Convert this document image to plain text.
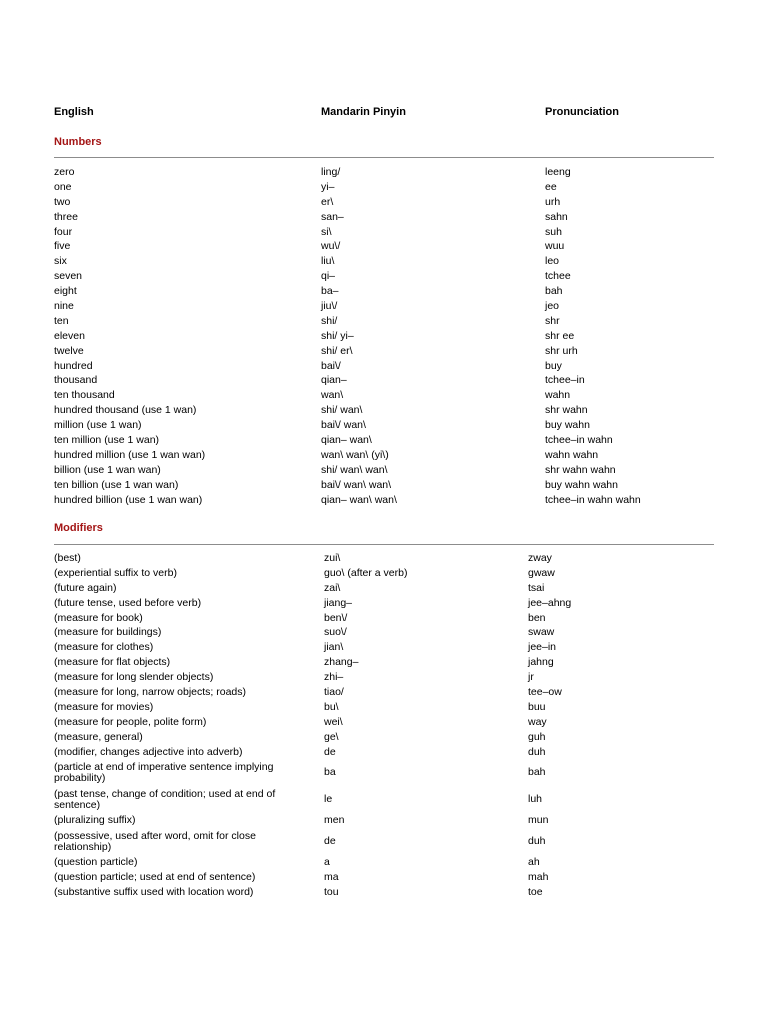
English	Mandarin Pinyin	Pronunciation
Numbers
zero	ling/	leeng
one	yi–	ee
two	er\	urh
three	san–	sahn
four	si\	suh
five	wu\/	wuu
six	liu\	leo
seven	qi–	tchee
eight	ba–	bah
nine	jiu\/	jeo
ten	shi/	shr
eleven	shi/ yi–	shr ee
twelve	shi/ er\	shr urh
hundred	bai\/	buy
thousand	qian–	tchee–in
ten thousand	wan\	wahn
hundred thousand (use 1 wan)	shi/ wan\	shr wahn
million (use 1 wan)	bai\/ wan\	buy wahn
ten million (use 1 wan)	qian– wan\	tchee–in wahn
hundred million (use 1 wan wan)	wan\ wan\ (yi\)	wahn wahn
billion (use 1 wan wan)	shi/ wan\ wan\	shr wahn wahn
ten billion (use 1 wan wan)	bai\/ wan\ wan\	buy wahn wahn
hundred billion (use 1 wan wan)	qian– wan\ wan\	tchee–in wahn wahn
Modifiers
(best)	zui\	zway
(experiential suffix to verb)	guo\ (after a verb)	gwaw
(future again)	zai\	tsai
(future tense, used before verb)	jiang–	jee–ahng
(measure for book)	ben\/	ben
(measure for buildings)	suo\/	swaw
(measure for clothes)	jian\	jee–in
(measure for flat objects)	zhang–	jahng
(measure for long slender objects)	zhi–	jr
(measure for long, narrow objects; roads)	tiao/	tee–ow
(measure for movies)	bu\	buu
(measure for people, polite form)	wei\	way
(measure, general)	ge\	guh
(modifier, changes adjective into adverb)	de	duh
(particle at end of imperative sentence implying probability)	ba	bah
(past tense, change of condition; used at end of sentence)	le	luh
(pluralizing suffix)	men	mun
(possessive, used after word, omit for close relationship)	de	duh
(question particle)	a	ah
(question particle; used at end of sentence)	ma	mah
(substantive suffix used with location word)	tou	toe
